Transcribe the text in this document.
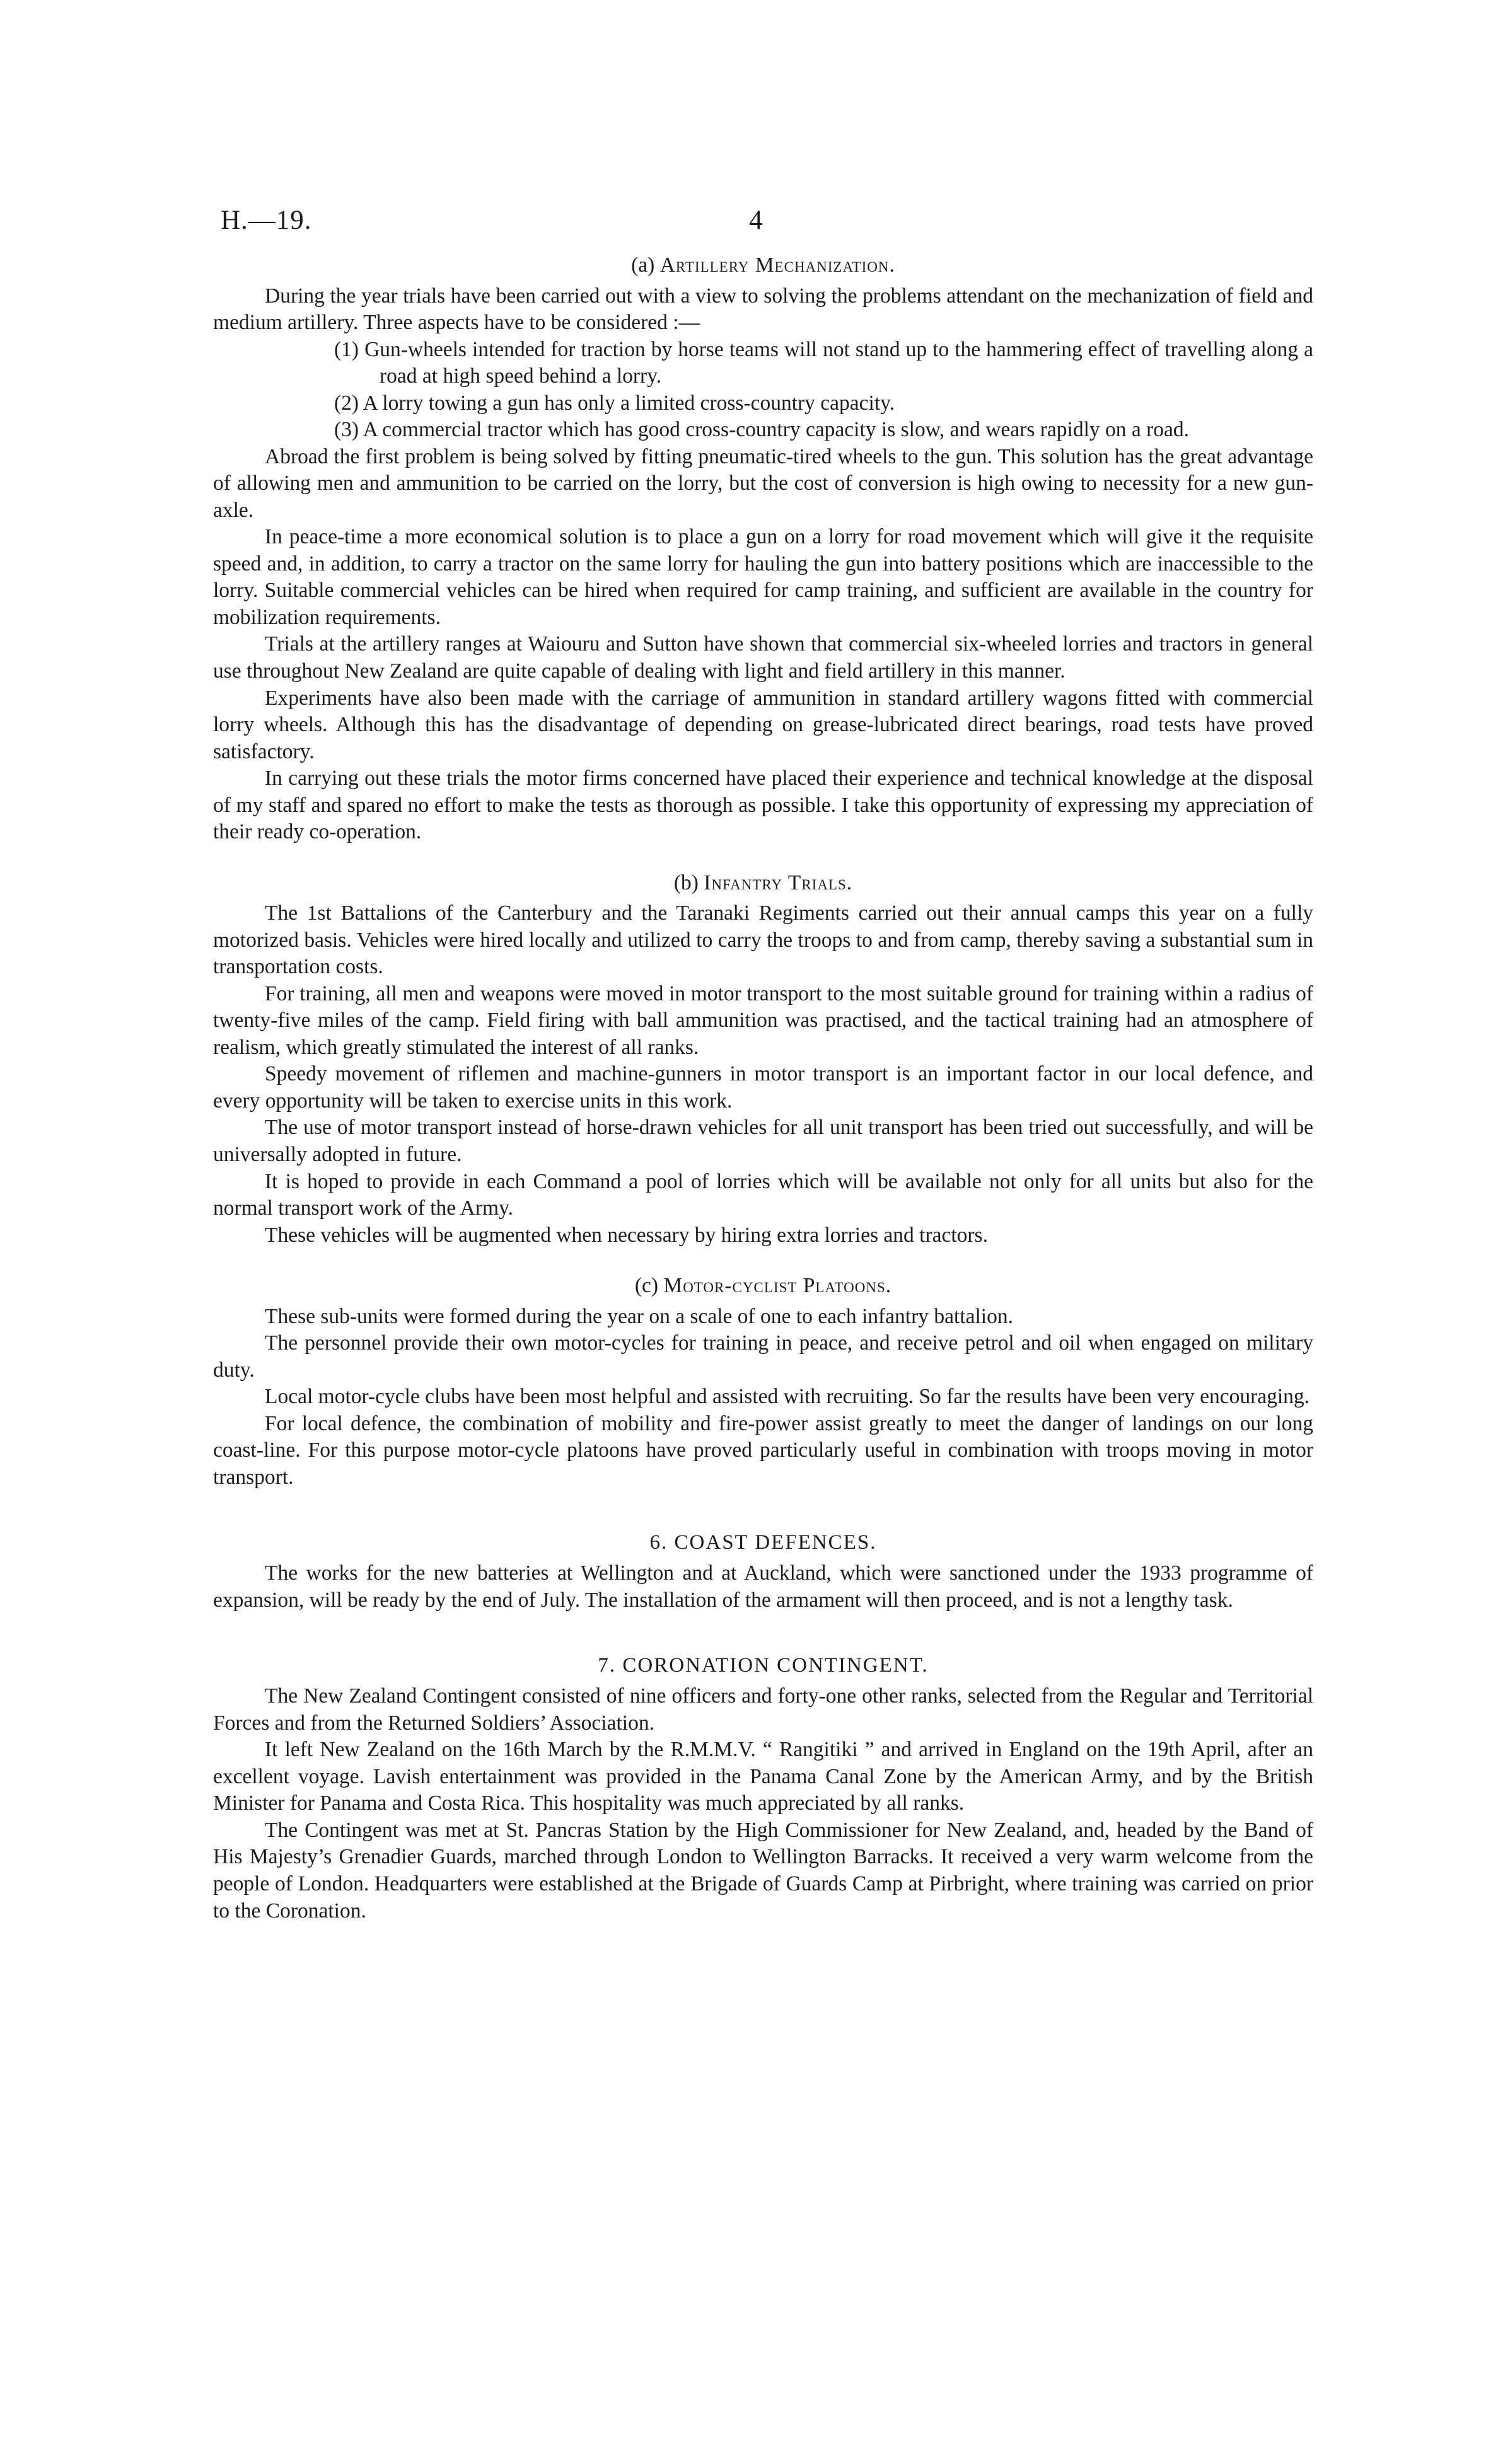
H.—19.	4
(a) Artillery Mechanization.

During the year trials have been carried out with a view to solving the problems attendant on the mechanization of field and medium artillery. Three aspects have to be considered :—

(1) Gun-wheels intended for traction by horse teams will not stand up to the hammering effect of travelling along a road at high speed behind a lorry.

(2) A lorry towing a gun has only a limited cross-country capacity.

(3) A commercial tractor which has good cross-country capacity is slow, and wears rapidly on a road.

Abroad the first problem is being solved by fitting pneumatic-tired wheels to the gun. This solution has the great advantage of allowing men and ammunition to be carried on the lorry, but the cost of conversion is high owing to necessity for a new gun-axle.

In peace-time a more economical solution is to place a gun on a lorry for road movement which will give it the requisite speed and, in addition, to carry a tractor on the same lorry for hauling the gun into battery positions which are inaccessible to the lorry. Suitable commercial vehicles can be hired when required for camp training, and sufficient are available in the country for mobilization requirements.

Trials at the artillery ranges at Waiouru and Sutton have shown that commercial six-wheeled lorries and tractors in general use throughout New Zealand are quite capable of dealing with light and field artillery in this manner.

Experiments have also been made with the carriage of ammunition in standard artillery wagons fitted with commercial lorry wheels. Although this has the disadvantage of depending on grease-lubricated direct bearings, road tests have proved satisfactory.

In carrying out these trials the motor firms concerned have placed their experience and technical knowledge at the disposal of my staff and spared no effort to make the tests as thorough as possible. I take this opportunity of expressing my appreciation of their ready co-operation.

(b) Infantry Trials.

The 1st Battalions of the Canterbury and the Taranaki Regiments carried out their annual camps this year on a fully motorized basis. Vehicles were hired locally and utilized to carry the troops to and from camp, thereby saving a substantial sum in transportation costs.

For training, all men and weapons were moved in motor transport to the most suitable ground for training within a radius of twenty-five miles of the camp. Field firing with ball ammunition was practised, and the tactical training had an atmosphere of realism, which greatly stimulated the interest of all ranks.

Speedy movement of riflemen and machine-gunners in motor transport is an important factor in our local defence, and every opportunity will be taken to exercise units in this work.

The use of motor transport instead of horse-drawn vehicles for all unit transport has been tried out successfully, and will be universally adopted in future.

It is hoped to provide in each Command a pool of lorries which will be available not only for all units but also for the normal transport work of the Army.

These vehicles will be augmented when necessary by hiring extra lorries and tractors.

(c) Motor-cyclist Platoons.

These sub-units were formed during the year on a scale of one to each infantry battalion.

The personnel provide their own motor-cycles for training in peace, and receive petrol and oil when engaged on military duty.

Local motor-cycle clubs have been most helpful and assisted with recruiting. So far the results have been very encouraging.

For local defence, the combination of mobility and fire-power assist greatly to meet the danger of landings on our long coast-line. For this purpose motor-cycle platoons have proved particularly useful in combination with troops moving in motor transport.

6. COAST DEFENCES.

The works for the new batteries at Wellington and at Auckland, which were sanctioned under the 1933 programme of expansion, will be ready by the end of July. The installation of the armament will then proceed, and is not a lengthy task.

7. CORONATION CONTINGENT.

The New Zealand Contingent consisted of nine officers and forty-one other ranks, selected from the Regular and Territorial Forces and from the Returned Soldiers’ Association.

It left New Zealand on the 16th March by the R.M.M.V. “ Rangitiki ” and arrived in England on the 19th April, after an excellent voyage. Lavish entertainment was provided in the Panama Canal Zone by the American Army, and by the British Minister for Panama and Costa Rica. This hospitality was much appreciated by all ranks.

The Contingent was met at St. Pancras Station by the High Commissioner for New Zealand, and, headed by the Band of His Majesty’s Grenadier Guards, marched through London to Wellington Barracks. It received a very warm welcome from the people of London. Headquarters were established at the Brigade of Guards Camp at Pirbright, where training was carried on prior to the Coronation.
